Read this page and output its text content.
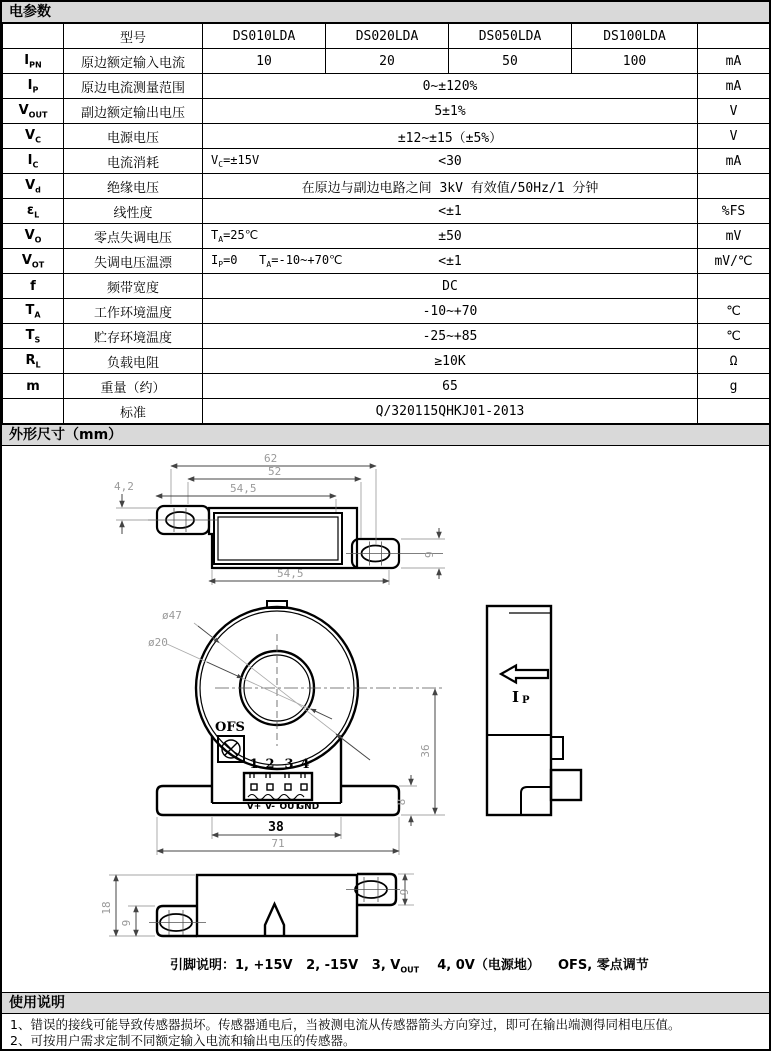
电参数
	型号	DS010LDA	DS020LDA	DS050LDA	DS100LDA	
$I_{PN}$	原边额定输入电流	10	20	50	100	mA
$I_P$	原边电流测量范围	0~±120%				mA
$V_{OUT}$	副边额定输出电压	5±1%				V
$V_C$	电源电压	±12~±15（±5%）				V
$I_C$	电流消耗	$V_C=\pm 15V <30$				mA
$V_d$	绝缘电压	在原边与副边电路之间 3kV 有效值/50Hz/1 分钟				
$\varepsilon_L$	线性度	<±1				%FS
$V_O$	零点失调电压	$T_A=25℃ \pm 50$				mV
$V_{OT}$	失调电压温漂	$I_P=0$   $T_A=-10\sim+70℃ <\pm 1$				mV/℃
f	频带宽度	DC				
$T_A$	工作环境温度	-10~+70				℃
$T_S$	贮存环境温度	-25~+85				℃
$R_L$	负载电阻	≥10K				Ω
m	重量（约）	65				g
	标准	Q/320115QHKJ01-2013				
外形尺寸（mm）
62
52
54,5
4,2
9
54,5
ø47
ø20
OFS
1 2 3 4
V+ V- OUT
GND
36
8
38
71
I P
18
9
9
引脚说明：1, +15V   2, -15V   3, $V_{OUT}$    4, 0V（电源地）    OFS, 零点调节
使用说明
1、错误的接线可能导致传感器损坏。传感器通电后，当被测电流从传感器箭头方向穿过，即可在输出端测得同相电压值。
2、可按用户需求定制不同额定输入电流和输出电压的传感器。
